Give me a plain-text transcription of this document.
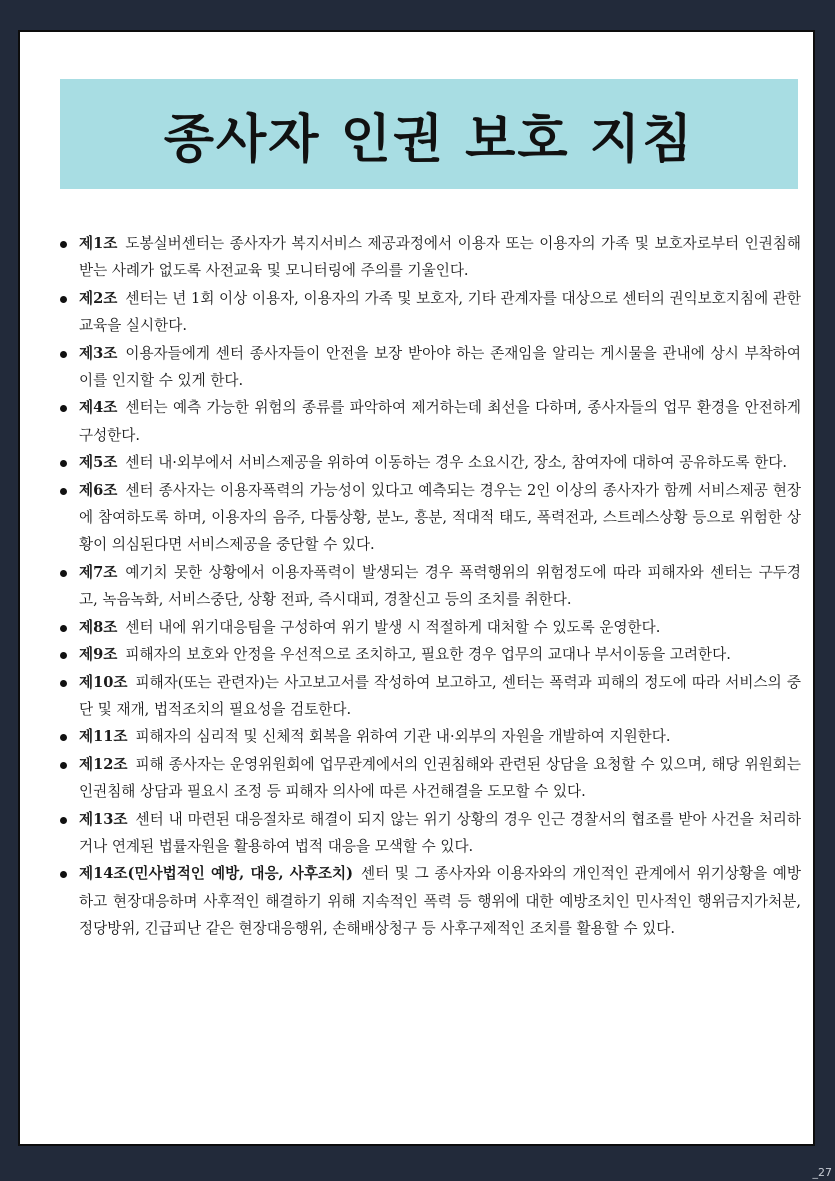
종사자 인권 보호 지침
제1조 도봉실버센터는 종사자가 복지서비스 제공과정에서 이용자 또는 이용자의 가족 및 보호자로부터 인권침해 받는 사례가 없도록 사전교육 및 모니터링에 주의를 기울인다.
제2조 센터는 년 1회 이상 이용자, 이용자의 가족 및 보호자, 기타 관계자를 대상으로 센터의 권익보호지침에 관한 교육을 실시한다.
제3조 이용자들에게 센터 종사자들이 안전을 보장 받아야 하는 존재임을 알리는 게시물을 관내에 상시 부착하여 이를 인지할 수 있게 한다.
제4조 센터는 예측 가능한 위험의 종류를 파악하여 제거하는데 최선을 다하며, 종사자들의 업무 환경을 안전하게 구성한다.
제5조 센터 내·외부에서 서비스제공을 위하여 이동하는 경우 소요시간, 장소, 참여자에 대하여 공유하도록 한다.
제6조 센터 종사자는 이용자폭력의 가능성이 있다고 예측되는 경우는 2인 이상의 종사자가 함께 서비스제공 현장에 참여하도록 하며, 이용자의 음주, 다툼상황, 분노, 흥분, 적대적 태도, 폭력전과, 스트레스상황 등으로 위험한 상황이 의심된다면 서비스제공을 중단할 수 있다.
제7조 예기치 못한 상황에서 이용자폭력이 발생되는 경우 폭력행위의 위험정도에 따라 피해자와 센터는 구두경고, 녹음녹화, 서비스중단, 상황 전파, 즉시대피, 경찰신고 등의 조치를 취한다.
제8조 센터 내에 위기대응팀을 구성하여 위기 발생 시 적절하게 대처할 수 있도록 운영한다.
제9조 피해자의 보호와 안정을 우선적으로 조치하고, 필요한 경우 업무의 교대나 부서이동을 고려한다.
제10조 피해자(또는 관련자)는 사고보고서를 작성하여 보고하고, 센터는 폭력과 피해의 정도에 따라 서비스의 중단 및 재개, 법적조치의 필요성을 검토한다.
제11조 피해자의 심리적 및 신체적 회복을 위하여 기관 내·외부의 자원을 개발하여 지원한다.
제12조 피해 종사자는 운영위원회에 업무관계에서의 인권침해와 관련된 상담을 요청할 수 있으며, 해당 위원회는 인권침해 상담과 필요시 조정 등 피해자 의사에 따른 사건해결을 도모할 수 있다.
제13조 센터 내 마련된 대응절차로 해결이 되지 않는 위기 상황의 경우 인근 경찰서의 협조를 받아 사건을 처리하거나 연계된 법률자원을 활용하여 법적 대응을 모색할 수 있다.
제14조(민사법적인 예방, 대응, 사후조치) 센터 및 그 종사자와 이용자와의 개인적인 관계에서 위기상황을 예방하고 현장대응하며 사후적인 해결하기 위해 지속적인 폭력 등 행위에 대한 예방조치인 민사적인 행위금지가처분, 정당방위, 긴급피난 같은 현장대응행위, 손해배상청구 등 사후구제적인 조치를 활용할 수 있다.
_27
